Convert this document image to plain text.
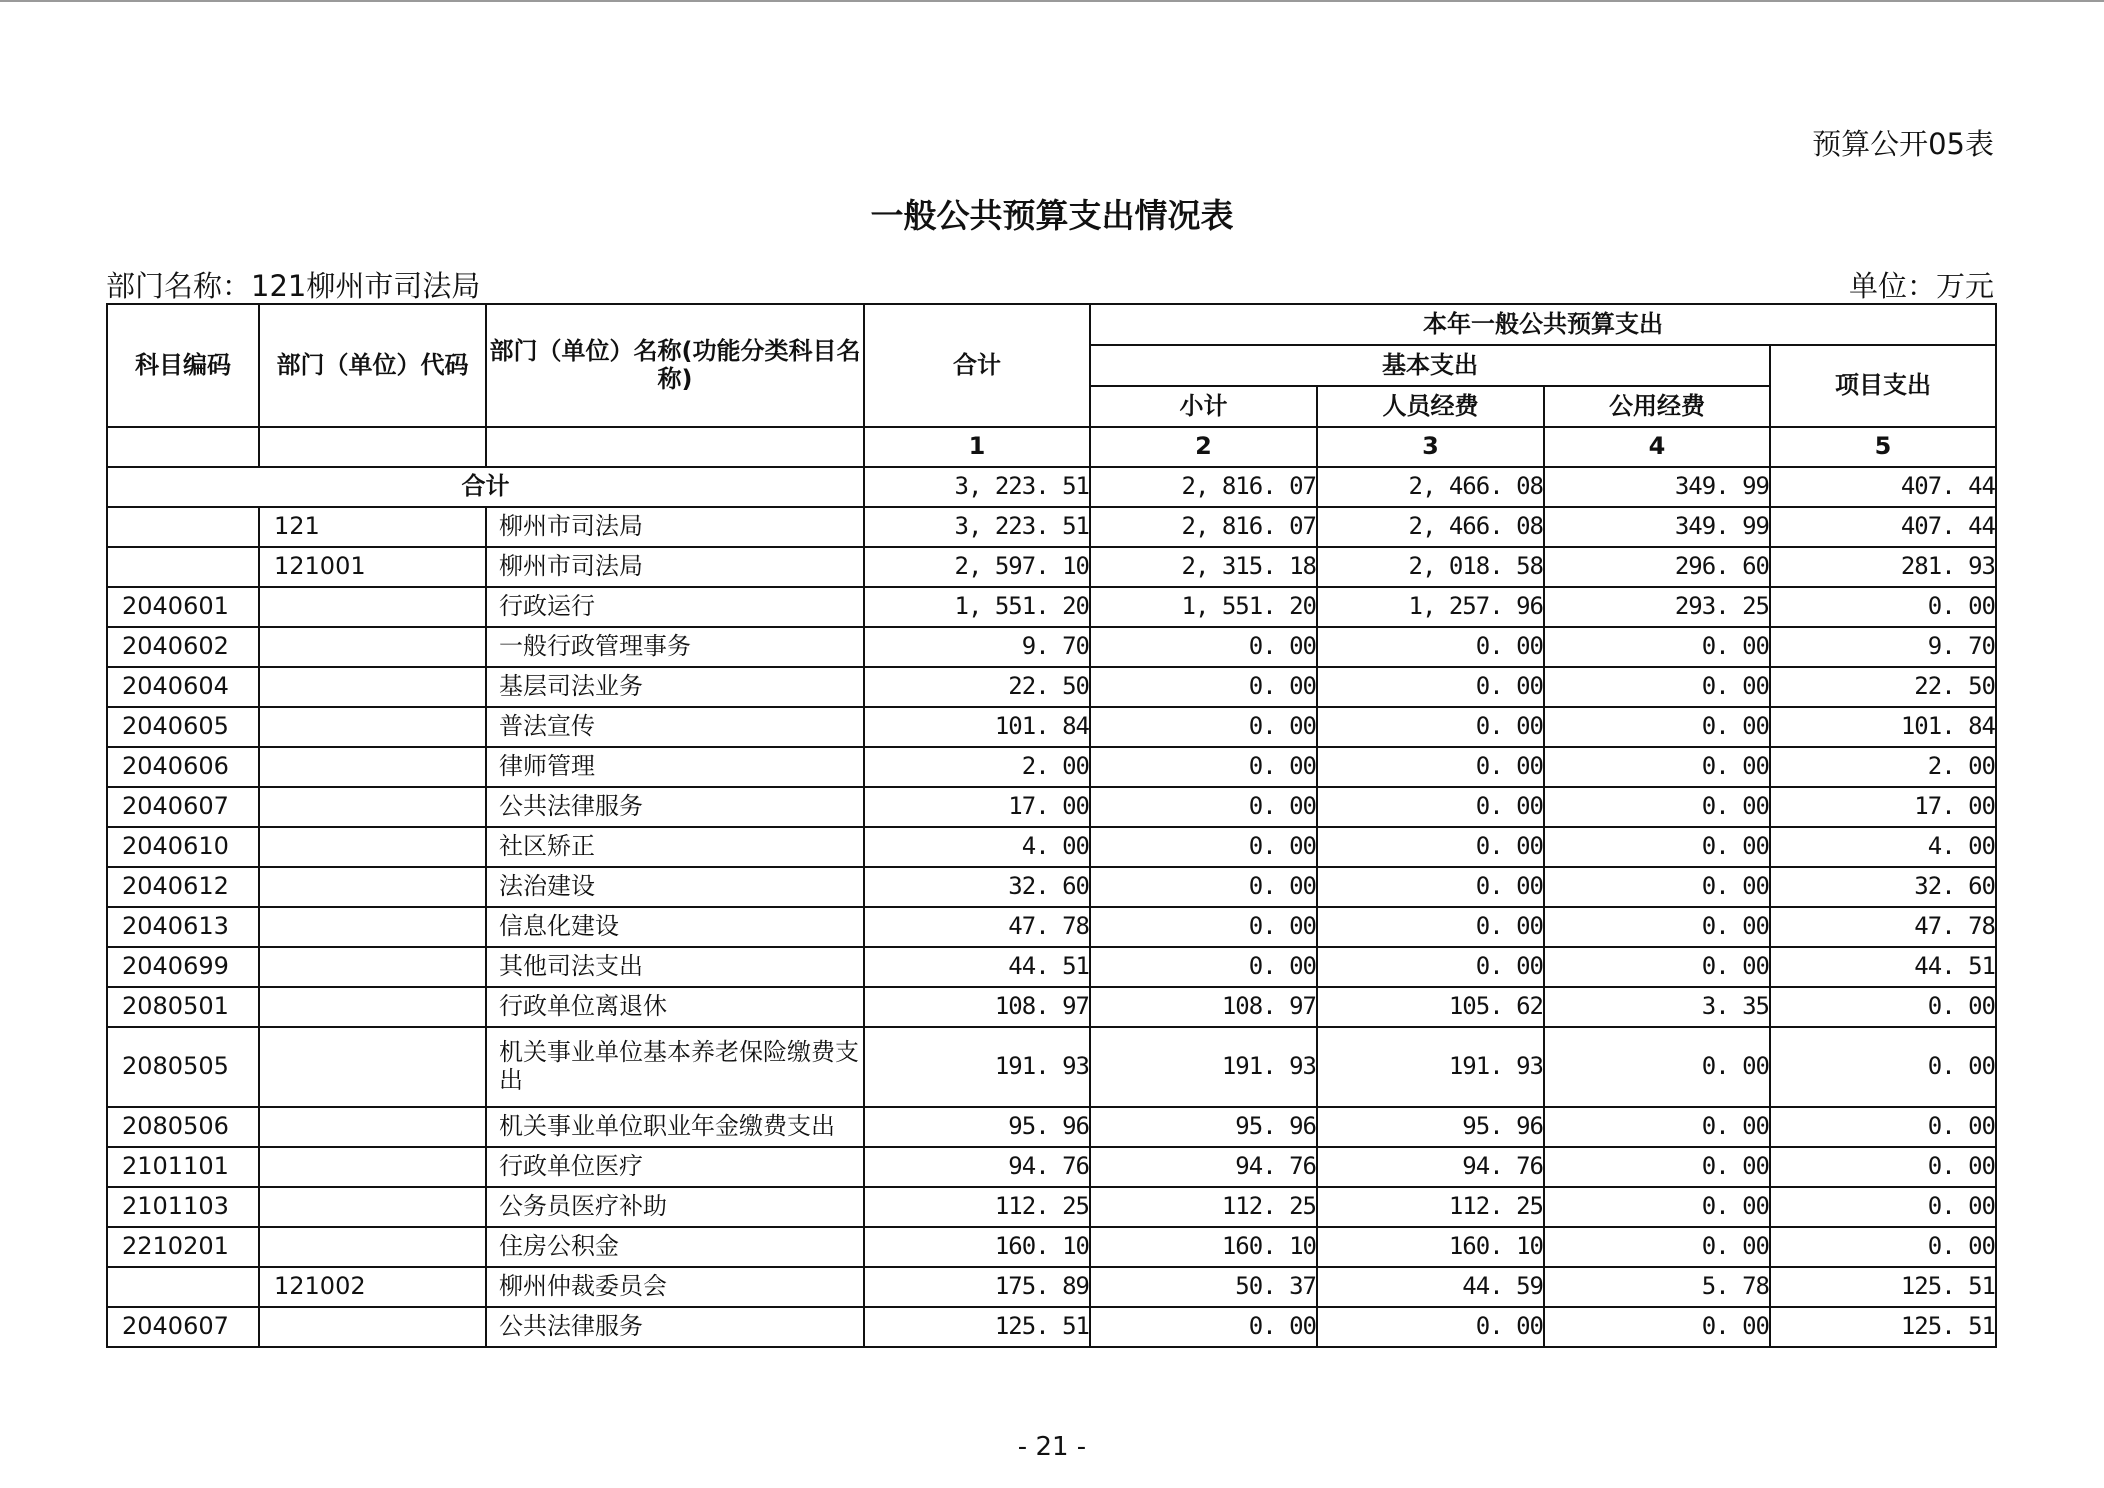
预算公开05表
一般公共预算支出情况表
部门名称：121柳州市司法局	单位：万元
科目编码	部门（单位）代码	部门（单位）名称(功能分类科目名称)	合计	本年一般公共预算支出			
				基本支出			项目支出
				小计	人员经费	公用经费	
			1	2	3	4	5
合计			3, 223. 51	2, 816. 07	2, 466. 08	349. 99	407. 44
	121	柳州市司法局	3, 223. 51	2, 816. 07	2, 466. 08	349. 99	407. 44
	121001	柳州市司法局	2, 597. 10	2, 315. 18	2, 018. 58	296. 60	281. 93
2040601		行政运行	1, 551. 20	1, 551. 20	1, 257. 96	293. 25	0. 00
2040602		一般行政管理事务	9. 70	0. 00	0. 00	0. 00	9. 70
2040604		基层司法业务	22. 50	0. 00	0. 00	0. 00	22. 50
2040605		普法宣传	101. 84	0. 00	0. 00	0. 00	101. 84
2040606		律师管理	2. 00	0. 00	0. 00	0. 00	2. 00
2040607		公共法律服务	17. 00	0. 00	0. 00	0. 00	17. 00
2040610		社区矫正	4. 00	0. 00	0. 00	0. 00	4. 00
2040612		法治建设	32. 60	0. 00	0. 00	0. 00	32. 60
2040613		信息化建设	47. 78	0. 00	0. 00	0. 00	47. 78
2040699		其他司法支出	44. 51	0. 00	0. 00	0. 00	44. 51
2080501		行政单位离退休	108. 97	108. 97	105. 62	3. 35	0. 00
2080505		机关事业单位基本养老保险缴费支出	191. 93	191. 93	191. 93	0. 00	0. 00
2080506		机关事业单位职业年金缴费支出	95. 96	95. 96	95. 96	0. 00	0. 00
2101101		行政单位医疗	94. 76	94. 76	94. 76	0. 00	0. 00
2101103		公务员医疗补助	112. 25	112. 25	112. 25	0. 00	0. 00
2210201		住房公积金	160. 10	160. 10	160. 10	0. 00	0. 00
	121002	柳州仲裁委员会	175. 89	50. 37	44. 59	5. 78	125. 51
2040607		公共法律服务	125. 51	0. 00	0. 00	0. 00	125. 51
- 21 -
